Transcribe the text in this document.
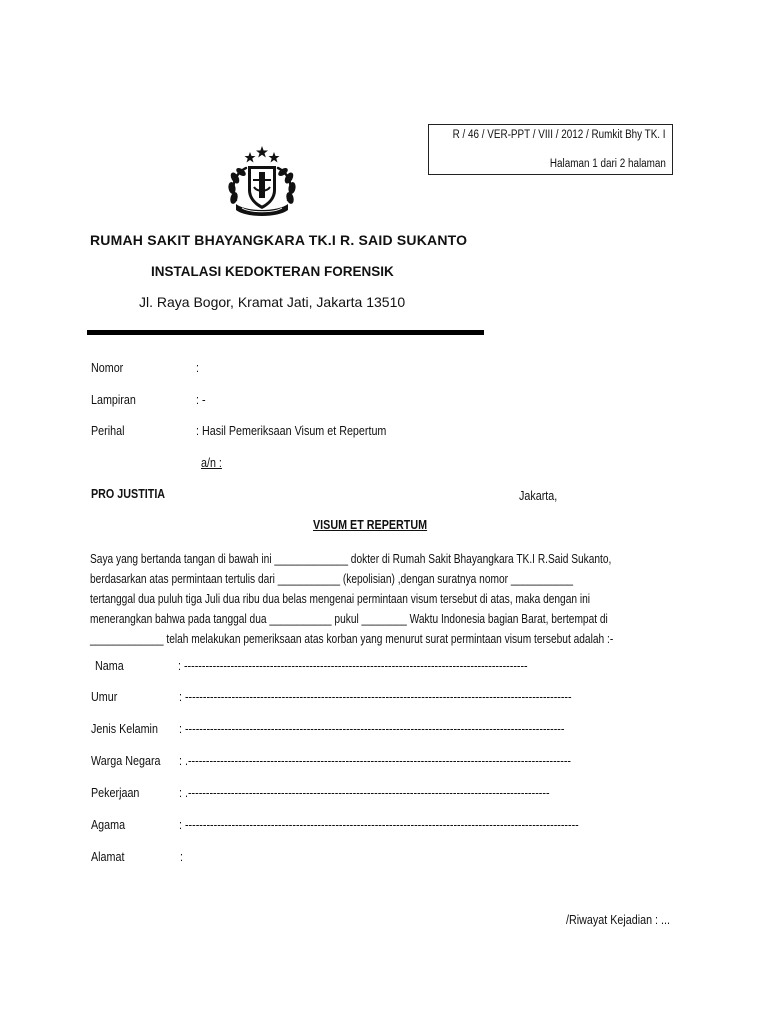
R / 46 / VER-PPT / VIII / 2012 / Rumkit Bhy TK. I
Halaman 1 dari 2 halaman
RUMAH SAKIT BHAYANGKARA TK.I R. SAID SUKANTO
INSTALASI KEDOKTERAN FORENSIK
Jl. Raya Bogor, Kramat Jati, Jakarta 13510
Nomor	:
Lampiran	: -
Perihal	: Hasil Pemeriksaan Visum et Repertum
a/n :
PRO JUSTITIA	Jakarta,
VISUM ET REPERTUM
Saya yang bertanda tangan di bawah ini _____________ dokter di Rumah Sakit Bhayangkara TK.I R.Said Sukanto,
berdasarkan atas permintaan tertulis dari ___________ (kepolisian) ,dengan suratnya nomor ___________
tertanggal dua puluh tiga Juli dua ribu dua belas mengenai permintaan visum tersebut di atas, maka dengan ini
menerangkan bahwa pada tanggal dua ___________ pukul ________ Waktu Indonesia bagian Barat, bertempat di
_____________ telah melakukan pemeriksaan atas korban yang menurut surat permintaan visum tersebut adalah :-
Nama	: ------------------------------------------------------------------------------------------------
Umur	: ------------------------------------------------------------------------------------------------------------
Jenis Kelamin : ----------------------------------------------------------------------------------------------------------
Warga Negara : .-----------------------------------------------------------------------------------------------------------
Pekerjaan	: .-----------------------------------------------------------------------------------------------------
Agama	: --------------------------------------------------------------------------------------------------------------
Alamat	:
/Riwayat Kejadian : ...
